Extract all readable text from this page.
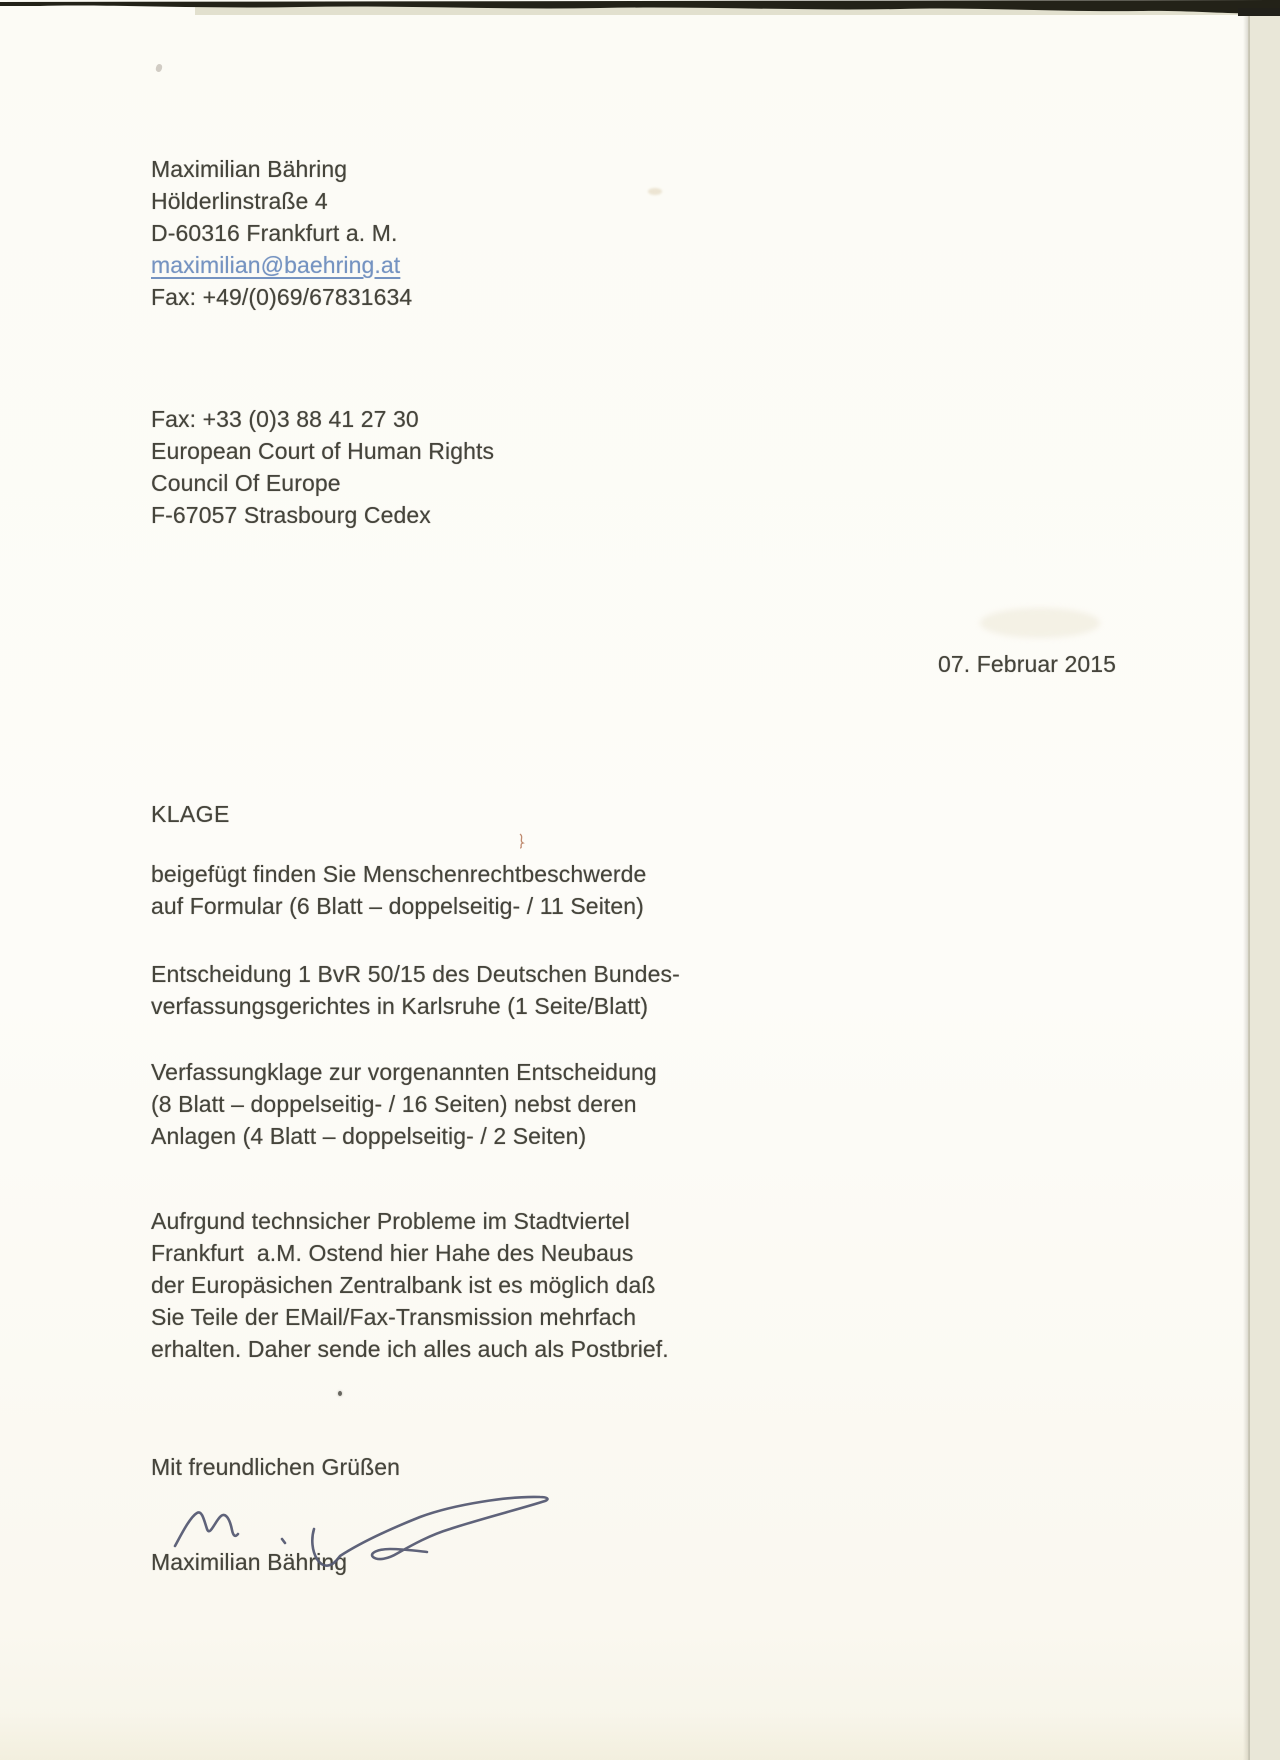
Maximilian Bähring
Hölderlinstraße 4
D-60316 Frankfurt a. M.
maximilian@baehring.at
Fax: +49/(0)69/67831634
Fax: +33 (0)3 88 41 27 30
European Court of Human Rights
Council Of Europe
F-67057 Strasbourg Cedex
07. Februar 2015
KLAGE
beigefügt finden Sie Menschenrechtbeschwerde
auf Formular (6 Blatt – doppelseitig- / 11 Seiten)
Entscheidung 1 BvR 50/15 des Deutschen Bundes-
verfassungsgerichtes in Karlsruhe (1 Seite/Blatt)
Verfassungklage zur vorgenannten Entscheidung
(8 Blatt – doppelseitig- / 16 Seiten) nebst deren
Anlagen (4 Blatt – doppelseitig- / 2 Seiten)
Aufrgund technsicher Probleme im Stadtviertel
Frankfurt  a.M. Ostend hier Hahe des Neubaus
der Europäsichen Zentralbank ist es möglich daß
Sie Teile der EMail/Fax-Transmission mehrfach
erhalten. Daher sende ich alles auch als Postbrief.
Mit freundlichen Grüßen
Maximilian Bähring
